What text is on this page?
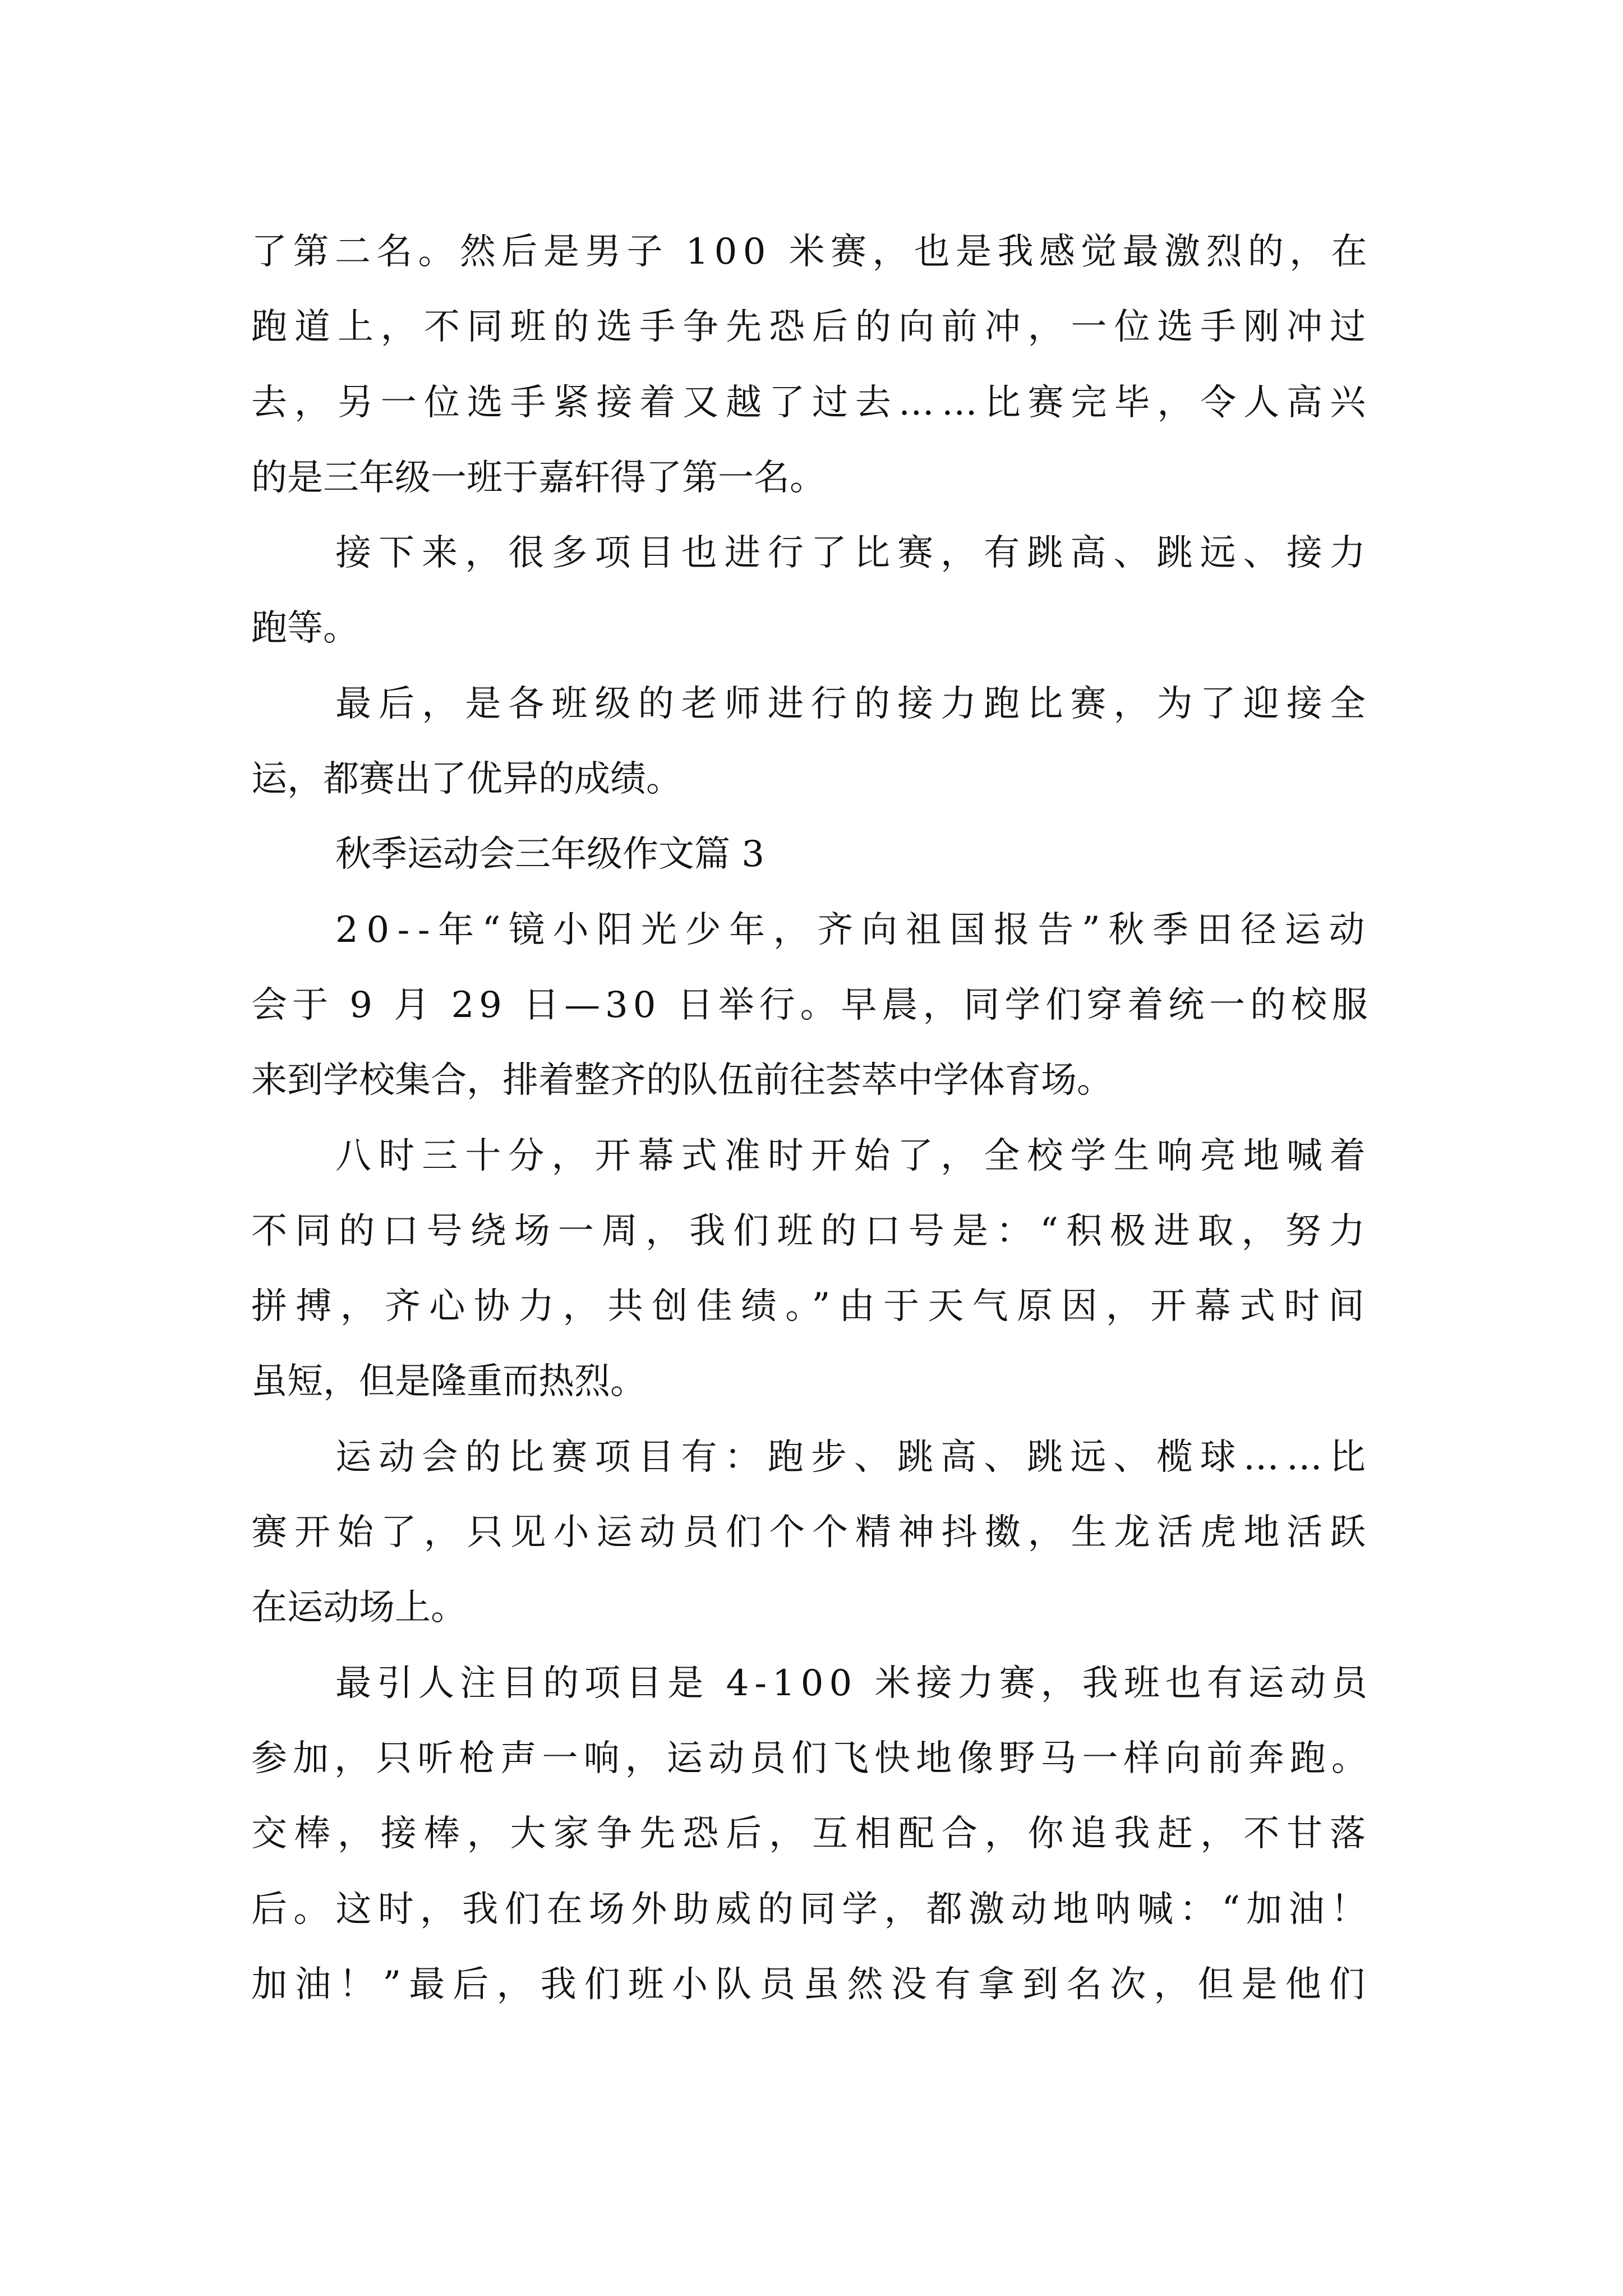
了第二名。然后是男子 100 米赛，也是我感觉最激烈的，在
跑道上，不同班的选手争先恐后的向前冲，一位选手刚冲过
去，另一位选手紧接着又越了过去……比赛完毕，令人高兴
的是三年级一班于嘉轩得了第一名。
接下来，很多项目也进行了比赛，有跳高、跳远、接力
跑等。
最后，是各班级的老师进行的接力跑比赛，为了迎接全
运，都赛出了优异的成绩。
秋季运动会三年级作文篇 3
20--年“镜小阳光少年，齐向祖国报告”秋季田径运动
会于 9 月 29 日—30 日举行。早晨，同学们穿着统一的校服
来到学校集合，排着整齐的队伍前往荟萃中学体育场。
八时三十分，开幕式准时开始了，全校学生响亮地喊着
不同的口号绕场一周，我们班的口号是：“积极进取，努力
拼搏，齐心协力，共创佳绩。”由于天气原因，开幕式时间
虽短，但是隆重而热烈。
运动会的比赛项目有：跑步、跳高、跳远、榄球……比
赛开始了，只见小运动员们个个精神抖擞，生龙活虎地活跃
在运动场上。
最引人注目的项目是 4-100 米接力赛，我班也有运动员
参加，只听枪声一响，运动员们飞快地像野马一样向前奔跑。
交棒，接棒，大家争先恐后，互相配合，你追我赶，不甘落
后。这时，我们在场外助威的同学，都激动地呐喊：“加油！
加油！”最后，我们班小队员虽然没有拿到名次，但是他们
